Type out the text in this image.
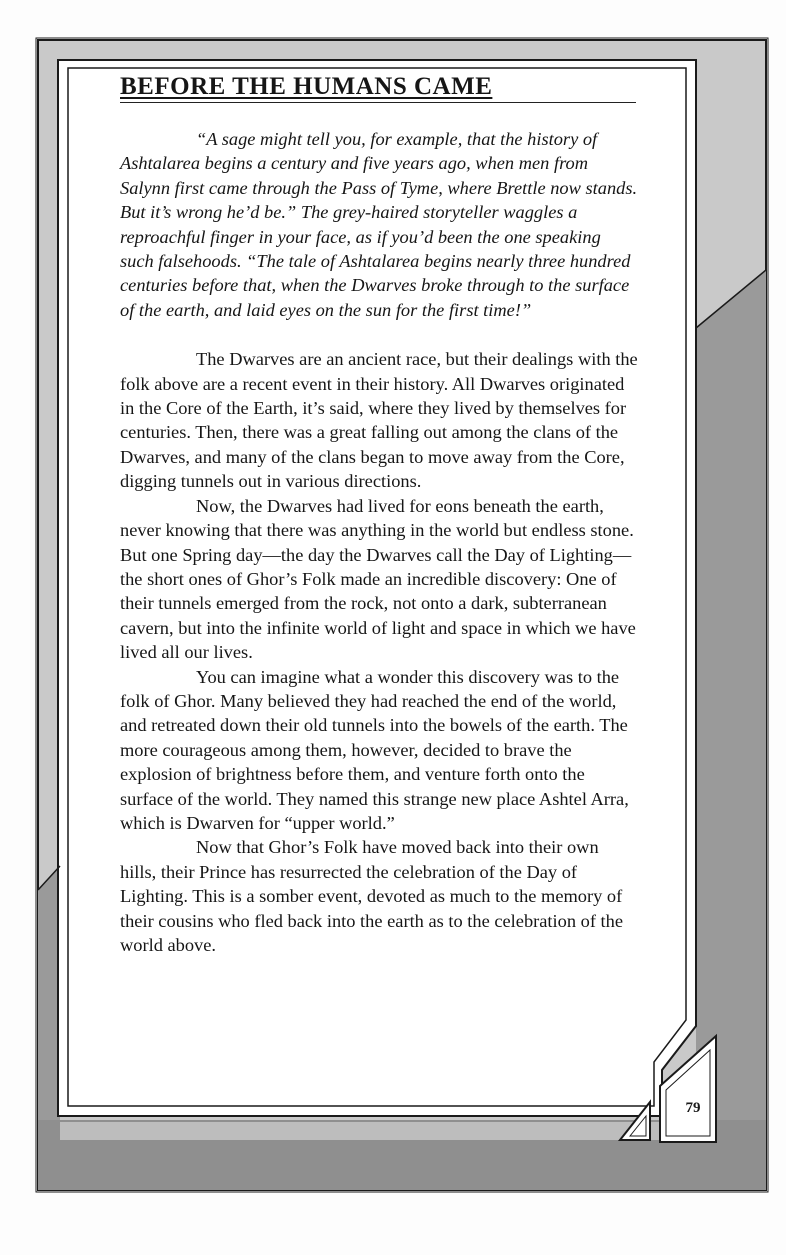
BEFORE THE HUMANS CAME

“A sage might tell you, for example, that the history of Ashtalarea begins a century and five years ago, when men from Salynn first came through the Pass of Tyme, where Brettle now stands. But it’s wrong he’d be.” The grey-haired storyteller waggles a reproachful finger in your face, as if you’d been the one speaking such falsehoods. “The tale of Ashtalarea begins nearly three hundred centuries before that, when the Dwarves broke through to the surface of the earth, and laid eyes on the sun for the first time!”

The Dwarves are an ancient race, but their dealings with the folk above are a recent event in their history. All Dwarves originated in the Core of the Earth, it’s said, where they lived by themselves for centuries. Then, there was a great falling out among the clans of the Dwarves, and many of the clans began to move away from the Core, digging tunnels out in various directions.

Now, the Dwarves had lived for eons beneath the earth, never knowing that there was anything in the world but endless stone. But one Spring day—the day the Dwarves call the Day of Lighting—the short ones of Ghor’s Folk made an incredible discovery: One of their tunnels emerged from the rock, not onto a dark, subterranean cavern, but into the infinite world of light and space in which we have lived all our lives.

You can imagine what a wonder this discovery was to the folk of Ghor. Many believed they had reached the end of the world, and retreated down their old tunnels into the bowels of the earth. The more courageous among them, however, decided to brave the explosion of brightness before them, and venture forth onto the surface of the world. They named this strange new place Ashtel Arra, which is Dwarven for “upper world.”

Now that Ghor’s Folk have moved back into their own hills, their Prince has resurrected the celebration of the Day of Lighting. This is a somber event, devoted as much to the memory of their cousins who fled back into the earth as to the celebration of the world above.

79
